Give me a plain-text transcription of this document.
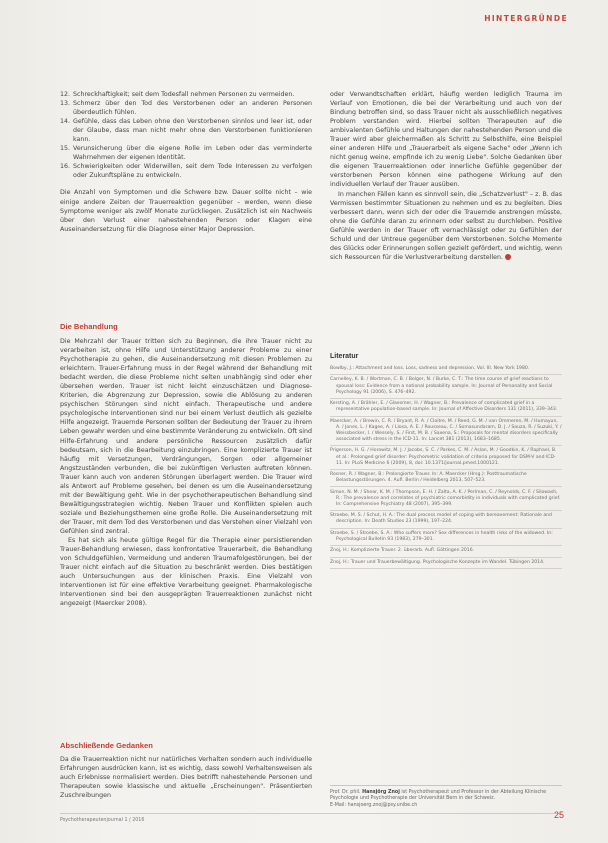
HINTERGRÜNDE
12. Schreckhaftigkeit; seit dem Todesfall nehmen Personen zu vermeiden.
13. Schmerz über den Tod des Verstorbenen oder an anderen Personen überdeutlich fühlen.
14. Gefühle, dass das Leben ohne den Verstorbenen sinnlos und leer ist, oder der Glaube, dass man nicht mehr ohne den Verstorbenen funktionieren kann.
15. Verunsicherung über die eigene Rolle im Leben oder das verminderte Wahrnehmen der eigenen Identität.
16. Schwierigkeiten oder Widerwillen, seit dem Tode Interessen zu verfolgen oder Zukunftspläne zu entwickeln.

Die Anzahl von Symptomen und die Schwere bzw. Dauer sollte nicht – wie einige andere Zeiten der Trauerreaktion gegenüber – werden, wenn diese Symptome weniger als zwölf Monate zurückliegen. Zusätzlich ist ein Nachweis über den Verlust einer nahestehenden Person oder Klagen eine Auseinandersetzung für die Diagnose einer Major Depression.

Die Behandlung

Die Mehrzahl der Trauer tritten sich zu Beginnen, die ihre Trauer nicht zu verarbeiten ist, ohne Hilfe und Unterstützung anderer Probleme zu einer Psychotherapie zu gehen, die Auseinandersetzung mit diesen Problemen zu erleichtern. Trauer-Erfahrung muss in der Regel während der Behandlung mit bedacht werden, die diese Probleme nicht selten unabhängig sind oder eher übersehen werden. Trauer ist nicht leicht einzuschätzen und Diagnose-Kriterien, die Abgrenzung zur Depression, sowie die Ablösung zu anderen psychischen Störungen sind nicht einfach. Therapeutische und andere psychologische Interventionen sind nur bei einem Verlust deutlich als gezielte Hilfe angezeigt. Trauernde Personen sollten der Bedeutung der Trauer zu ihrem Leben gewahr werden und eine bestimmte Veränderung zu entwickeln. Oft sind Hilfe-Erfahrung und andere persönliche Ressourcen zusätzlich dafür bedeutsam, sich in die Bearbeitung einzubringen. Eine komplizierte Trauer ist häufig mit Versetzungen, Verdrängungen, Sorgen oder allgemeiner Angstzuständen verbunden, die bei zukünftigen Verlusten auftreten können. Trauer kann auch von anderen Störungen überlagert werden. Die Trauer wird als Antwort auf Probleme gesehen, bei denen es um die Auseinandersetzung mit der Bewältigung geht. Wie in der psychotherapeutischen Behandlung sind Bewältigungsstrategien wichtig. Neben Trauer und Konflikten spielen auch soziale und Beziehungsthemen eine große Rolle. Die Auseinandersetzung mit der Trauer, mit dem Tod des Verstorbenen und das Verstehen einer Vielzahl von Gefühlen sind zentral.

Es hat sich als heute gültige Regel für die Therapie einer persistierenden Trauer-Behandlung erwiesen, dass konfrontative Trauerarbeit, die Behandlung von Schuldgefühlen, Vermeidung und anderen Traumafolgestörungen, bei der Trauer nicht einfach auf die Situation zu beschränkt werden. Dies bestätigen auch Untersuchungen aus der klinischen Praxis. Eine Vielzahl von Interventionen ist für eine effektive Verarbeitung geeignet. Pharmakologische Interventionen sind bei den ausgeprägten Trauerreaktionen zunächst nicht angezeigt (Maercker 2008).

Abschließende Gedanken

Da die Trauerreaktion nicht nur natürliches Verhalten sondern auch individuelle Erfahrungen ausdrücken kann, ist es wichtig, dass sowohl Verhaltensweisen als auch Erlebnisse normalisiert werden. Dies betrifft nahestehende Personen und Therapeuten sowie klassische und aktuelle „Erscheinungen". Präsentierten Zuschreibungen

oder Verwandtschaften erklärt, häufig werden lediglich Trauma im Verlauf von Emotionen, die bei der Verarbeitung und auch von der Bindung betroffen sind, so dass Trauer nicht als ausschließlich negatives Problem verstanden wird. Hierbei sollten Therapeuten auf die ambivalenten Gefühle und Haltungen der nahestehenden Person und die Trauer wird aber gleichermaßen als Schritt zu Selbsthilfe, eine Beispiel einer anderen Hilfe und „Trauerarbeit als eigene Sache" oder „Wenn ich nicht genug weine, empfinde ich zu wenig Liebe". Solche Gedanken über die eigenen Trauerreaktionen oder innerliche Gefühle gegenüber der verstorbenen Person können eine pathogene Wirkung auf den individuellen Verlauf der Trauer ausüben.

In manchen Fällen kann es sinnvoll sein, die „Schatzverlust" – z. B. das Vermissen bestimmter Situationen zu nehmen und es zu begleiten. Dies verbessert dann, wenn sich der oder die Trauernde anstrengen müsste, ohne die Gefühle daran zu erinnern oder selbst zu durchleben. Positive Gefühle werden in der Trauer oft vernachlässigt oder zu Gefühlen der Schuld und der Untreue gegenüber dem Verstorbenen. Solche Momente des Glücks oder Erinnerungen sollen gezielt gefördert, und wichtig, wenn sich Ressourcen für die Verlustverarbeitung darstellen.

Literatur
Bowlby, J.: Attachment and loss. Loss, sadness and depression. Vol. III. New York 1980.
Carnelley, K. B. / Wortman, C. B. / Bolger, N. / Burke, C. T.: The time course of grief reactions to spousal loss: Evidence from a national probability sample. In: Journal of Personality and Social Psychology 91 (2006), S. 476–492.
Kersting, A. / Brähler, E. / Glaesmer, H. / Wagner, B.: Prevalence of complicated grief in a representative population-based sample. In: Journal of Affective Disorders 131 (2011), 339–343.
Maercker, A. / Brewin, C. R. / Bryant, R. A. / Cloitre, M. / Reed, G. M. / van Ommeren, M. / Humayun, A. / Jones, L. / Kagee, A. / Llosa, A. E. / Rousseau, C. / Somasundaram, D. J. / Souza, R. / Suzuki, Y. / Weissbecker, I. / Wessely, S. / First, M. B. / Saxena, S.: Proposals for mental disorders specifically associated with stress in the ICD-11. In: Lancet 381 (2013), 1683–1685.
Prigerson, H. G. / Horowitz, M. J. / Jacobs, S. C. / Parkes, C. M. / Aslan, M. / Goodkin, K. / Raphael, B. et al.: Prolonged grief disorder: Psychometric validation of criteria proposed for DSM-V and ICD-11. In: PLoS Medicine 6 (2009), 8, doi: 10.1371/journal.pmed.1000121.
Rosner, R. / Wagner, B.: Prolongierte Trauer. In: A. Maercker (Hrsg.): Posttraumatische Belastungsstörungen. 4. Aufl. Berlin / Heidelberg 2013, 507–523.
Simon, N. M. / Shear, K. M. / Thompson, E. H. / Zalta, A. K. / Perlman, C. / Reynolds, C. F. / Silowash, R.: The prevalence and correlates of psychiatric comorbidity in individuals with complicated grief. In: Comprehensive Psychiatry 48 (2007), 395–399.
Stroebe, M. S. / Schut, H. A.: The dual process model of coping with bereavement: Rationale and description. In: Death Studies 23 (1999), 197–224.
Stroebe, S. / Stroebe, S. A.: Who suffers more? Sex differences in health risks of the widowed. In: Psychological Bulletin 93 (1983), 279–301.
Znoj, H.: Komplizierte Trauer. 2. überarb. Aufl. Göttingen 2016.
Znoj, H.: Trauer und Trauerbewältigung. Psychologische Konzepte im Wandel. Tübingen 2014.
Prof. Dr. phil. Hansjörg Znoj ist Psychotherapeut und Professor in der Abteilung Klinische Psychologie und Psychotherapie der Universität Bern in der Schweiz.
E-Mail: hansjoerg.znoj@psy.unibe.ch
Psychotherapeutenjournal 1 / 2016
25
